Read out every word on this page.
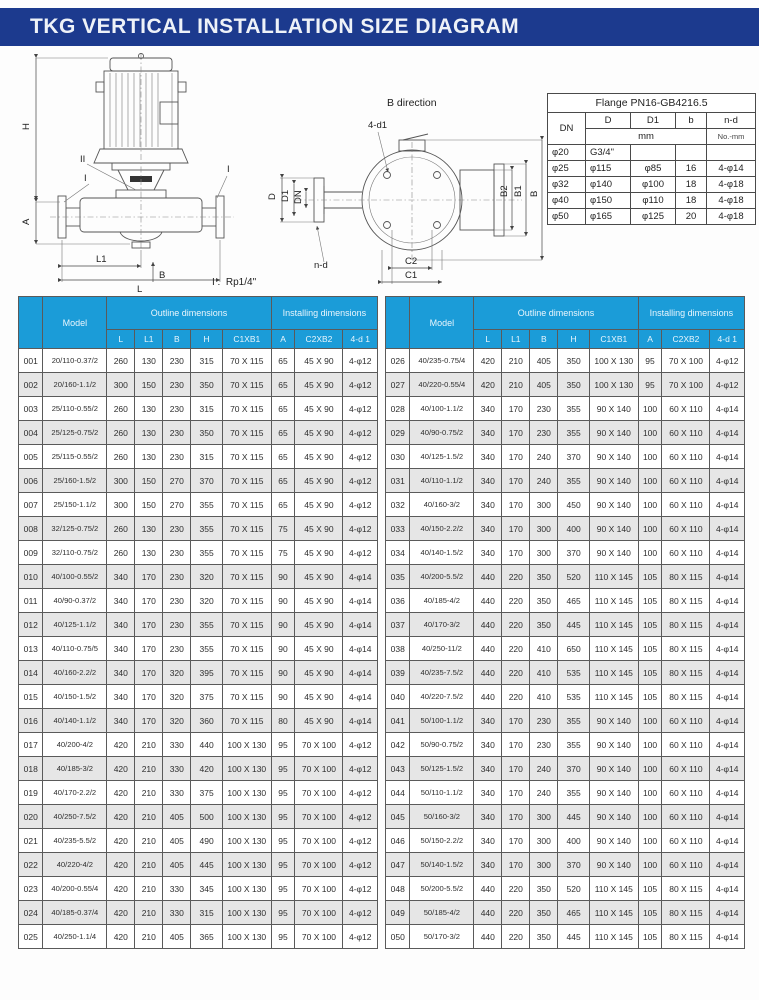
TKG VERTICAL INSTALLATION SIZE DIAGRAM
H
A
L1
L
B
II
I
I
B direction
D D1 DN
4-d1
n-d
B2 B1 B
C2
C1

I :  Rp1/4"

Flange PN16-GB4216.5				
DN	D	D1	b	n-d
	mm			No.-mm
φ20	G3/4"			
φ25	φ115	φ85	16	4-φ14
φ32	φ140	φ100	18	4-φ18
φ40	φ150	φ110	18	4-φ18
φ50	φ165	φ125	20	4-φ18
	Model	Outline dimensions					Installing dimensions		
		L	L1	B	H	C1XB1	A	C2XB2	4-d 1
001	20/110-0.37/2	260	130	230	315	70 X 115	65	45 X 90	4-φ12
002	20/160-1.1/2	300	150	230	350	70 X 115	65	45 X 90	4-φ12
003	25/110-0.55/2	260	130	230	315	70 X 115	65	45 X 90	4-φ12
004	25/125-0.75/2	260	130	230	350	70 X 115	65	45 X 90	4-φ12
005	25/115-0.55/2	260	130	230	315	70 X 115	65	45 X 90	4-φ12
006	25/160-1.5/2	300	150	270	370	70 X 115	65	45 X 90	4-φ12
007	25/150-1.1/2	300	150	270	355	70 X 115	65	45 X 90	4-φ12
008	32/125-0.75/2	260	130	230	355	70 X 115	75	45 X 90	4-φ12
009	32/110-0.75/2	260	130	230	355	70 X 115	75	45 X 90	4-φ12
010	40/100-0.55/2	340	170	230	320	70 X 115	90	45 X 90	4-φ14
011	40/90-0.37/2	340	170	230	320	70 X 115	90	45 X 90	4-φ14
012	40/125-1.1/2	340	170	230	355	70 X 115	90	45 X 90	4-φ14
013	40/110-0.75/5	340	170	230	355	70 X 115	90	45 X 90	4-φ14
014	40/160-2.2/2	340	170	320	395	70 X 115	90	45 X 90	4-φ14
015	40/150-1.5/2	340	170	320	375	70 X 115	90	45 X 90	4-φ14
016	40/140-1.1/2	340	170	320	360	70 X 115	80	45 X 90	4-φ14
017	40/200-4/2	420	210	330	440	100 X 130	95	70 X 100	4-φ12
018	40/185-3/2	420	210	330	420	100 X 130	95	70 X 100	4-φ12
019	40/170-2.2/2	420	210	330	375	100 X 130	95	70 X 100	4-φ12
020	40/250-7.5/2	420	210	405	500	100 X 130	95	70 X 100	4-φ12
021	40/235-5.5/2	420	210	405	490	100 X 130	95	70 X 100	4-φ12
022	40/220-4/2	420	210	405	445	100 X 130	95	70 X 100	4-φ12
023	40/200-0.55/4	420	210	330	345	100 X 130	95	70 X 100	4-φ12
024	40/185-0.37/4	420	210	330	315	100 X 130	95	70 X 100	4-φ12
025	40/250-1.1/4	420	210	405	365	100 X 130	95	70 X 100	4-φ12
	Model	Outline dimensions					Installing dimensions		
		L	L1	B	H	C1XB1	A	C2XB2	4-d 1
026	40/235-0.75/4	420	210	405	350	100 X 130	95	70 X 100	4-φ12
027	40/220-0.55/4	420	210	405	350	100 X 130	95	70 X 100	4-φ12
028	40/100-1.1/2	340	170	230	355	90 X 140	100	60 X 110	4-φ14
029	40/90-0.75/2	340	170	230	355	90 X 140	100	60 X 110	4-φ14
030	40/125-1.5/2	340	170	240	370	90 X 140	100	60 X 110	4-φ14
031	40/110-1.1/2	340	170	240	355	90 X 140	100	60 X 110	4-φ14
032	40/160-3/2	340	170	300	450	90 X 140	100	60 X 110	4-φ14
033	40/150-2.2/2	340	170	300	400	90 X 140	100	60 X 110	4-φ14
034	40/140-1.5/2	340	170	300	370	90 X 140	100	60 X 110	4-φ14
035	40/200-5.5/2	440	220	350	520	110 X 145	105	80 X 115	4-φ14
036	40/185-4/2	440	220	350	465	110 X 145	105	80 X 115	4-φ14
037	40/170-3/2	440	220	350	445	110 X 145	105	80 X 115	4-φ14
038	40/250-11/2	440	220	410	650	110 X 145	105	80 X 115	4-φ14
039	40/235-7.5/2	440	220	410	535	110 X 145	105	80 X 115	4-φ14
040	40/220-7.5/2	440	220	410	535	110 X 145	105	80 X 115	4-φ14
041	50/100-1.1/2	340	170	230	355	90 X 140	100	60 X 110	4-φ14
042	50/90-0.75/2	340	170	230	355	90 X 140	100	60 X 110	4-φ14
043	50/125-1.5/2	340	170	240	370	90 X 140	100	60 X 110	4-φ14
044	50/110-1.1/2	340	170	240	355	90 X 140	100	60 X 110	4-φ14
045	50/160-3/2	340	170	300	445	90 X 140	100	60 X 110	4-φ14
046	50/150-2.2/2	340	170	300	400	90 X 140	100	60 X 110	4-φ14
047	50/140-1.5/2	340	170	300	370	90 X 140	100	60 X 110	4-φ14
048	50/200-5.5/2	440	220	350	520	110 X 145	105	80 X 115	4-φ14
049	50/185-4/2	440	220	350	465	110 X 145	105	80 X 115	4-φ14
050	50/170-3/2	440	220	350	445	110 X 145	105	80 X 115	4-φ14
